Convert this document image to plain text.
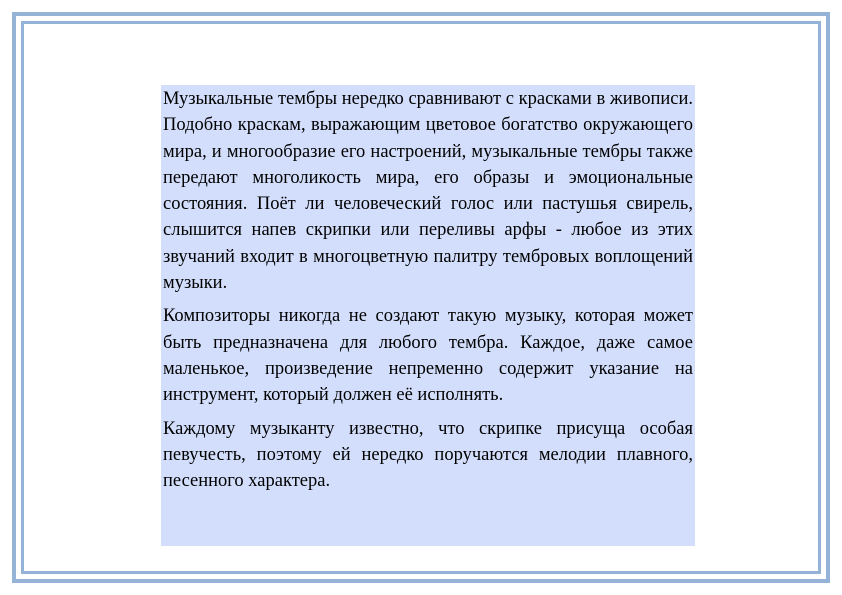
Музыкальные тембры нередко сравнивают с красками в живописи. Подобно краскам, выражающим цветовое богатство окружающего мира, и многообразие его настроений, музыкальные тембры также передают многоликость мира, его образы и эмоциональные состояния. Поёт ли человеческий голос или пастушья свирель, слышится напев скрипки или переливы арфы - любое из этих звучаний входит в многоцветную палитру тембровых воплощений музыки.

Композиторы никогда не создают такую музыку, которая может быть предназначена для любого тембра. Каждое, даже самое маленькое, произведение непременно содержит указание на инструмент, который должен её исполнять.

Каждому музыканту известно, что скрипке присуща особая певучесть, поэтому ей нередко поручаются мелодии плавного, песенного характера.
